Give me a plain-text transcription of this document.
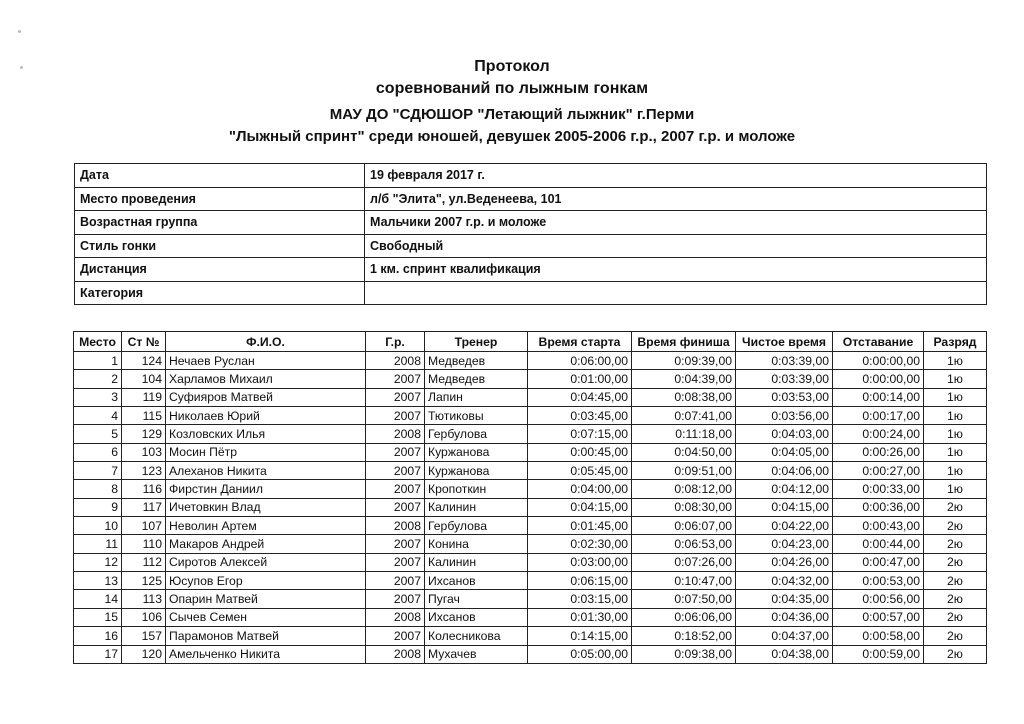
Протокол
соревнований по лыжным гонкам
МАУ ДО "СДЮШОР "Летающий лыжник" г.Перми
"Лыжный спринт" среди юношей, девушек 2005-2006 г.р., 2007 г.р. и моложе
Дата	19 февраля 2017 г.
Место проведения	л/б "Элита", ул.Веденеева, 101
Возрастная группа	Мальчики 2007 г.р. и моложе
Стиль гонки	Свободный
Дистанция	1 км. спринт квалификация
Категория	
Место	Ст №	Ф.И.О.	Г.р.	Тренер	Время старта	Время финиша	Чистое время	Отставание	Разряд
1	124	Нечаев Руслан	2008	Медведев	0:06:00,00	0:09:39,00	0:03:39,00	0:00:00,00	1ю
2	104	Харламов Михаил	2007	Медведев	0:01:00,00	0:04:39,00	0:03:39,00	0:00:00,00	1ю
3	119	Суфияров Матвей	2007	Лапин	0:04:45,00	0:08:38,00	0:03:53,00	0:00:14,00	1ю
4	115	Николаев Юрий	2007	Тютиковы	0:03:45,00	0:07:41,00	0:03:56,00	0:00:17,00	1ю
5	129	Козловских Илья	2008	Гербулова	0:07:15,00	0:11:18,00	0:04:03,00	0:00:24,00	1ю
6	103	Мосин Пётр	2007	Куржанова	0:00:45,00	0:04:50,00	0:04:05,00	0:00:26,00	1ю
7	123	Алеханов Никита	2007	Куржанова	0:05:45,00	0:09:51,00	0:04:06,00	0:00:27,00	1ю
8	116	Фирстин Даниил	2007	Кропоткин	0:04:00,00	0:08:12,00	0:04:12,00	0:00:33,00	1ю
9	117	Ичетовкин Влад	2007	Калинин	0:04:15,00	0:08:30,00	0:04:15,00	0:00:36,00	2ю
10	107	Неволин Артем	2008	Гербулова	0:01:45,00	0:06:07,00	0:04:22,00	0:00:43,00	2ю
11	110	Макаров Андрей	2007	Конина	0:02:30,00	0:06:53,00	0:04:23,00	0:00:44,00	2ю
12	112	Сиротов Алексей	2007	Калинин	0:03:00,00	0:07:26,00	0:04:26,00	0:00:47,00	2ю
13	125	Юсупов Егор	2007	Ихсанов	0:06:15,00	0:10:47,00	0:04:32,00	0:00:53,00	2ю
14	113	Опарин Матвей	2007	Пугач	0:03:15,00	0:07:50,00	0:04:35,00	0:00:56,00	2ю
15	106	Сычев Семен	2008	Ихсанов	0:01:30,00	0:06:06,00	0:04:36,00	0:00:57,00	2ю
16	157	Парамонов Матвей	2007	Колесникова	0:14:15,00	0:18:52,00	0:04:37,00	0:00:58,00	2ю
17	120	Амельченко Никита	2008	Мухачев	0:05:00,00	0:09:38,00	0:04:38,00	0:00:59,00	2ю
